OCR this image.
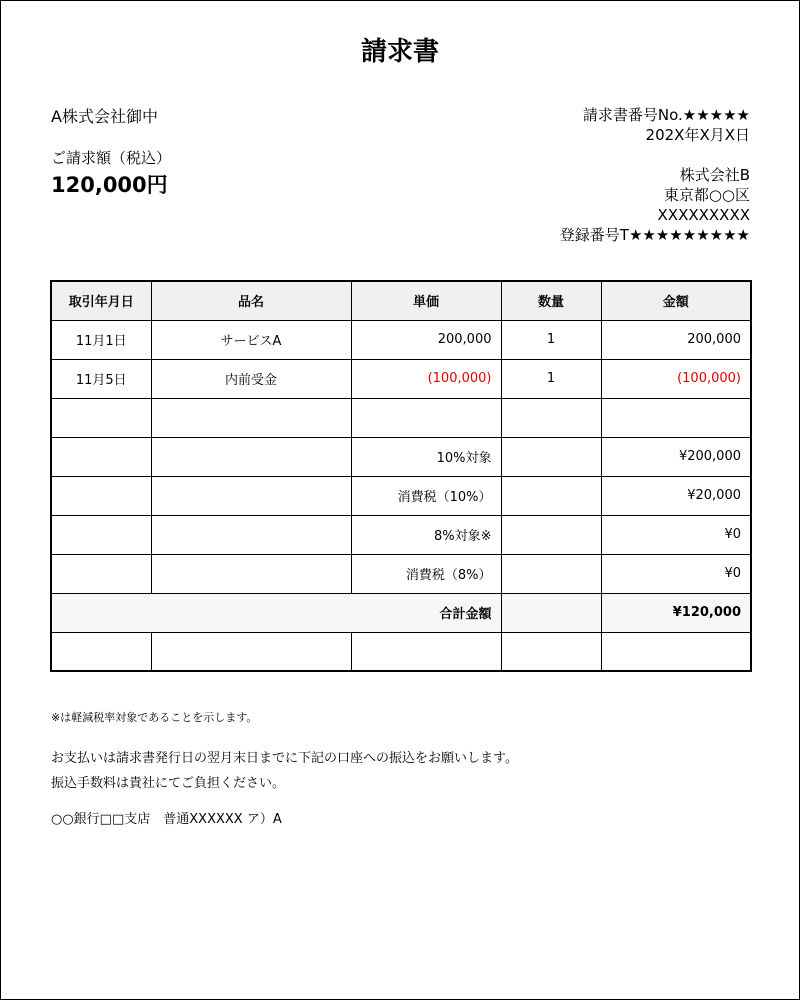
請求書
A株式会社御中
ご請求額（税込）
120,000円
請求書番号No.★★★★★
202X年X月X日
株式会社B
東京都○○区
XXXXXXXXX
登録番号T★★★★★★★★★
取引年月日	品名	単価	数量	金額
11月1日	サービスA	200,000	1	200,000
11月5日	内前受金	(100,000)	1	(100,000)

		10%対象		¥200,000
		消費税（10%）		¥20,000
		8%対象※		¥0
		消費税（8%）		¥0
		合計金額		¥120,000

※は軽減税率対象であることを示します。
お支払いは請求書発行日の翌月末日までに下記の口座への振込をお願いします。
振込手数料は貴社にてご負担ください。
○○銀行□□支店　普通XXXXXX ア）A
